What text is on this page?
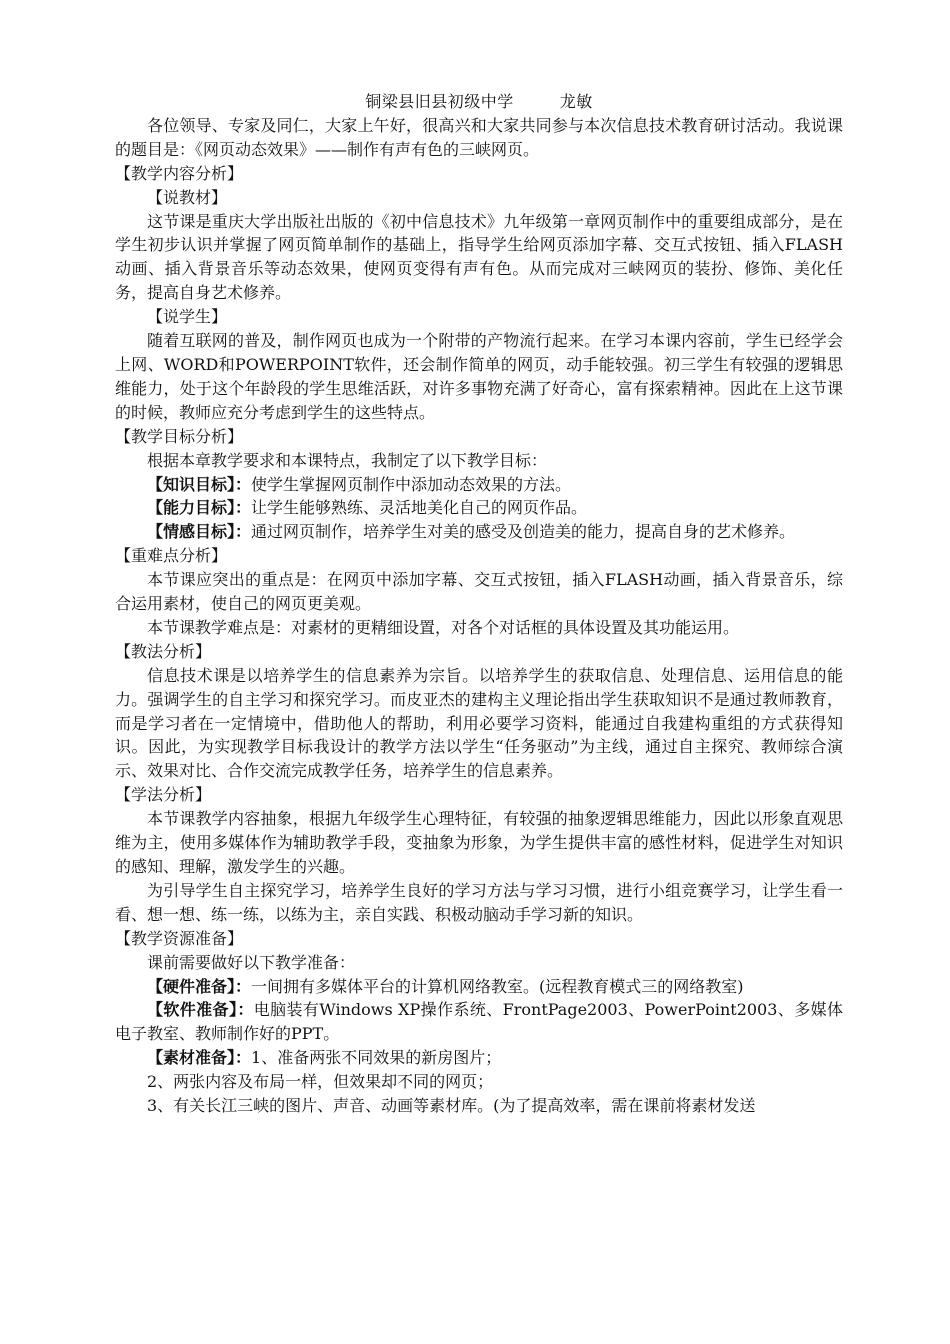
铜梁县旧县初级中学	龙敏

各位领导、专家及同仁，大家上午好，很高兴和大家共同参与本次信息技术教育研讨活动。我说课的题目是：《网页动态效果》——制作有声有色的三峡网页。

【教学内容分析】

【说教材】

这节课是重庆大学出版社出版的《初中信息技术》九年级第一章网页制作中的重要组成部分，是在学生初步认识并掌握了网页简单制作的基础上，指导学生给网页添加字幕、交互式按钮、插入FLASH动画、插入背景音乐等动态效果，使网页变得有声有色。从而完成对三峡网页的装扮、修饰、美化任务，提高自身艺术修养。

【说学生】

随着互联网的普及，制作网页也成为一个附带的产物流行起来。在学习本课内容前，学生已经学会上网、WORD和POWERPOINT软件，还会制作简单的网页，动手能较强。初三学生有较强的逻辑思维能力，处于这个年龄段的学生思维活跃，对许多事物充满了好奇心，富有探索精神。因此在上这节课的时候，教师应充分考虑到学生的这些特点。

【教学目标分析】

根据本章教学要求和本课特点，我制定了以下教学目标：

【知识目标】：使学生掌握网页制作中添加动态效果的方法。

【能力目标】：让学生能够熟练、灵活地美化自己的网页作品。

【情感目标】：通过网页制作，培养学生对美的感受及创造美的能力，提高自身的艺术修养。

【重难点分析】

本节课应突出的重点是：在网页中添加字幕、交互式按钮，插入FLASH动画，插入背景音乐，综合运用素材，使自己的网页更美观。

本节课教学难点是：对素材的更精细设置，对各个对话框的具体设置及其功能运用。

【教法分析】

信息技术课是以培养学生的信息素养为宗旨。以培养学生的获取信息、处理信息、运用信息的能力。强调学生的自主学习和探究学习。而皮亚杰的建构主义理论指出学生获取知识不是通过教师教育，而是学习者在一定情境中，借助他人的帮助，利用必要学习资料，能通过自我建构重组的方式获得知识。因此，为实现教学目标我设计的教学方法以学生“任务驱动”为主线，通过自主探究、教师综合演示、效果对比、合作交流完成教学任务，培养学生的信息素养。

【学法分析】

本节课教学内容抽象，根据九年级学生心理特征，有较强的抽象逻辑思维能力，因此以形象直观思维为主，使用多媒体作为辅助教学手段，变抽象为形象，为学生提供丰富的感性材料，促进学生对知识的感知、理解，激发学生的兴趣。

为引导学生自主探究学习，培养学生良好的学习方法与学习习惯，进行小组竞赛学习，让学生看一看、想一想、练一练，以练为主，亲自实践、积极动脑动手学习新的知识。

【教学资源准备】

课前需要做好以下教学准备：

【硬件准备】：一间拥有多媒体平台的计算机网络教室。(远程教育模式三的网络教室)

【软件准备】：电脑装有Windows XP操作系统、FrontPage2003、PowerPoint2003、多媒体电子教室、教师制作好的PPT。

【素材准备】：1、准备两张不同效果的新房图片；

2、两张内容及布局一样，但效果却不同的网页；

3、有关长江三峡的图片、声音、动画等素材库。(为了提高效率，需在课前将素材发送
